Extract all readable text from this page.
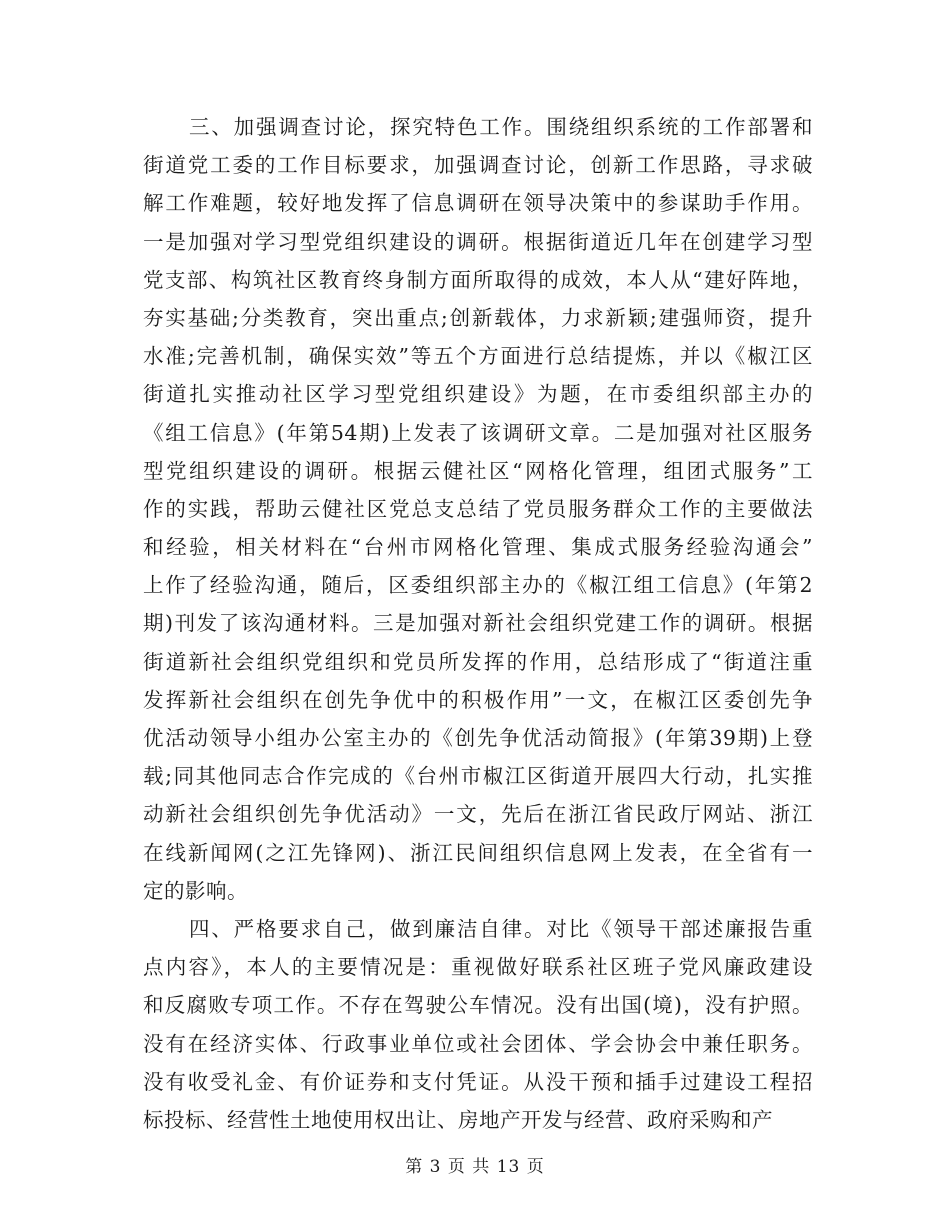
三、加强调查讨论，探究特色工作。围绕组织系统的工作部署和
街道党工委的工作目标要求，加强调查讨论，创新工作思路，寻求破
解工作难题，较好地发挥了信息调研在领导决策中的参谋助手作用。
一是加强对学习型党组织建设的调研。根据街道近几年在创建学习型
党支部、构筑社区教育终身制方面所取得的成效，本人从“建好阵地，
夯实基础;分类教育，突出重点;创新载体，力求新颖;建强师资，提升
水准;完善机制，确保实效”等五个方面进行总结提炼，并以《椒江区
街道扎实推动社区学习型党组织建设》为题，在市委组织部主办的
《组工信息》(年第54期)上发表了该调研文章。二是加强对社区服务
型党组织建设的调研。根据云健社区“网格化管理，组团式服务”工
作的实践，帮助云健社区党总支总结了党员服务群众工作的主要做法
和经验，相关材料在“台州市网格化管理、集成式服务经验沟通会”
上作了经验沟通，随后，区委组织部主办的《椒江组工信息》(年第2
期)刊发了该沟通材料。三是加强对新社会组织党建工作的调研。根据
街道新社会组织党组织和党员所发挥的作用，总结形成了“街道注重
发挥新社会组织在创先争优中的积极作用”一文，在椒江区委创先争
优活动领导小组办公室主办的《创先争优活动简报》(年第39期)上登
载;同其他同志合作完成的《台州市椒江区街道开展四大行动，扎实推
动新社会组织创先争优活动》一文，先后在浙江省民政厅网站、浙江
在线新闻网(之江先锋网)、浙江民间组织信息网上发表，在全省有一
定的影响。
四、严格要求自己，做到廉洁自律。对比《领导干部述廉报告重
点内容》，本人的主要情况是：重视做好联系社区班子党风廉政建设
和反腐败专项工作。不存在驾驶公车情况。没有出国(境)，没有护照。
没有在经济实体、行政事业单位或社会团体、学会协会中兼任职务。
没有收受礼金、有价证券和支付凭证。从没干预和插手过建设工程招
标投标、经营性土地使用权出让、房地产开发与经营、政府采购和产
第 3 页 共 13 页
